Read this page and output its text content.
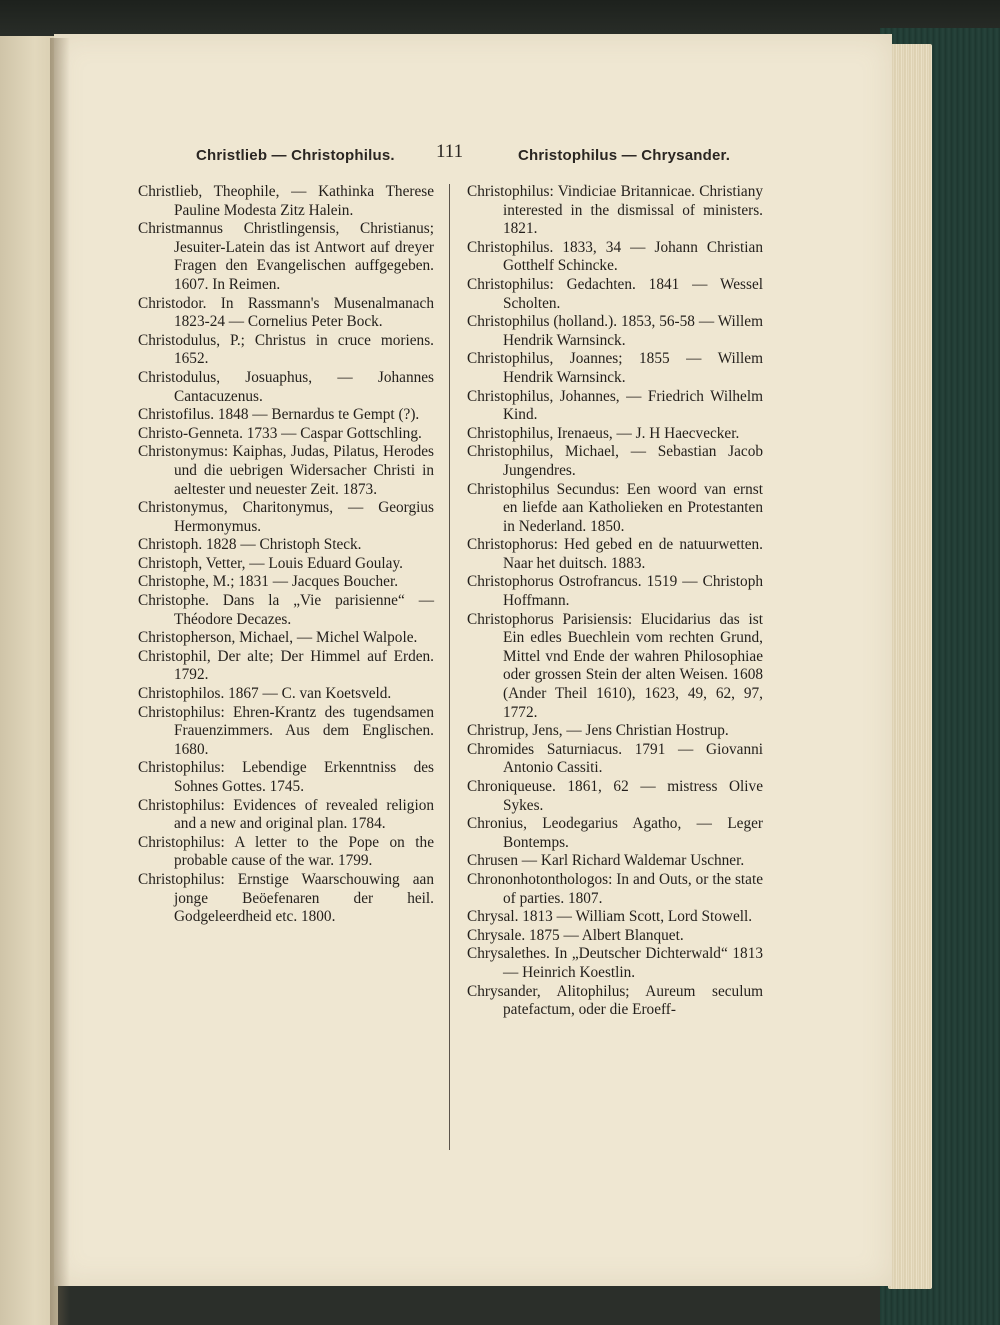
Christlieb — Christophilus. 111	Christophilus — Chrysander.

Christlieb, Theophile, — Kathinka Therese Pauline Modesta Zitz Halein.

Christmannus Christlingensis, Christianus; Jesuiter-Latein das ist Antwort auf dreyer Fragen den Evangelischen auffgegeben. 1607. In Reimen.

Christodor. In Rassmann's Musenalmanach 1823-24 — Cornelius Peter Bock.

Christodulus, P.; Christus in cruce moriens. 1652.

Christodulus, Josuaphus, — Johannes Cantacuzenus.

Christofilus. 1848 — Bernardus te Gempt (?).

Christo-Genneta. 1733 — Caspar Gottschling.

Christonymus: Kaiphas, Judas, Pilatus, Herodes und die uebrigen Widersacher Christi in aeltester und neuester Zeit. 1873.

Christonymus, Charitonymus, — Georgius Hermonymus.

Christoph. 1828 — Christoph Steck.

Christoph, Vetter, — Louis Eduard Goulay.

Christophe, M.; 1831 — Jacques Boucher.

Christophe. Dans la „Vie parisienne“ — Théodore Decazes.

Christopherson, Michael, — Michel Walpole.

Christophil, Der alte; Der Himmel auf Erden. 1792.

Christophilos. 1867 — C. van Koetsveld.

Christophilus: Ehren-Krantz des tugendsamen Frauenzimmers. Aus dem Englischen. 1680.

Christophilus: Lebendige Erkenntniss des Sohnes Gottes. 1745.

Christophilus: Evidences of revealed religion and a new and original plan. 1784.

Christophilus: A letter to the Pope on the probable cause of the war. 1799.

Christophilus: Ernstige Waarschouwing aan jonge Beöefenaren der heil. Godgeleerdheid etc. 1800.

Christophilus: Vindiciae Britannicae. Christiany interested in the dismissal of ministers. 1821.

Christophilus. 1833, 34 — Johann Christian Gotthelf Schincke.

Christophilus: Gedachten. 1841 — Wessel Scholten.

Christophilus (holland.). 1853, 56-58 — Willem Hendrik Warnsinck.

Christophilus, Joannes; 1855 — Willem Hendrik Warnsinck.

Christophilus, Johannes, — Friedrich Wilhelm Kind.

Christophilus, Irenaeus, — J. H Haecvecker.

Christophilus, Michael, — Sebastian Jacob Jungendres.

Christophilus Secundus: Een woord van ernst en liefde aan Katholieken en Protestanten in Nederland. 1850.

Christophorus: Hed gebed en de natuurwetten. Naar het duitsch. 1883.

Christophorus Ostrofrancus. 1519 — Christoph Hoffmann.

Christophorus Parisiensis: Elucidarius das ist Ein edles Buechlein vom rechten Grund, Mittel vnd Ende der wahren Philosophiae oder grossen Stein der alten Weisen. 1608 (Ander Theil 1610), 1623, 49, 62, 97, 1772.

Christrup, Jens, — Jens Christian Hostrup.

Chromides Saturniacus. 1791 — Giovanni Antonio Cassiti.

Chroniqueuse. 1861, 62 — mistress Olive Sykes.

Chronius, Leodegarius Agatho, — Leger Bontemps.

Chrusen — Karl Richard Waldemar Uschner.

Chrononhotonthologos: In and Outs, or the state of parties. 1807.

Chrysal. 1813 — William Scott, Lord Stowell.

Chrysale. 1875 — Albert Blanquet.

Chrysalethes. In „Deutscher Dichterwald“ 1813 — Heinrich Koestlin.

Chrysander, Alitophilus; Aureum seculum patefactum, oder die Eroeff-
